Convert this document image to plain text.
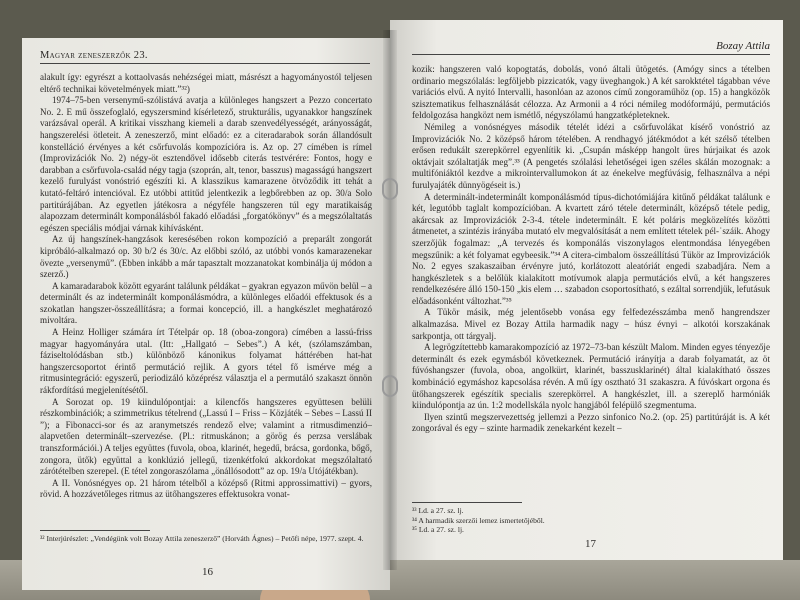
Magyar zeneszerzők 23.

alakult így: egyrészt a kottaolvasás nehézségei miatt, másrészt a hagyományostól teljesen eltérő technikai követelmények miatt.”³²)

1974–75-ben versenymű-szólistává avatja a különleges hangszert a Pezzo concertato No. 2. E mű összefoglaló, egyszersmind kísérletező, strukturális, ugyanakkor hangszínek varázsával operál. A kritikai visszhang kiemeli a darab szenvedélyességét, arányosságát, hangszerelési ötleteit. A zeneszerző, mint előadó: ez a citeradarabok során állandósult konstelláció érvényes a két csőrfuvolás kompozícióra is. Az op. 27 címében is rímel (Improvizációk No. 2) négy-öt esztendővel idősebb citerás testvérére: Fontos, hogy e darabban a csőrfuvola-család négy tagja (szoprán, alt, tenor, basszus) magasságú hangszert kezelő furulyást vonóstrió egészíti ki. A klasszikus kamarazene ötvöződik itt tehát a kutató-feltáró intencióval. Ez utóbbi attitűd jelentkezik a legbőrebben az op. 30/a Solo partitúrájában. Az egyetlen játékosra a négyféle hangszeren túl egy maratikaiság alapozzam determinált komponálásból fakadó előadási „forgatókönyv” és a megszólaltatás egészen speciális módjai várnak kihívásként.

Az új hangszínek-hangzások keresésében rokon kompozíció a preparált zongorát kipróbáló-alkalmazó op. 30 b/2 és 30/c. Az előbbi szóló, az utóbbi vonós kamarazenekar övezte „versenymű”. (Ebben inkább a már tapasztalt mozzanatokat kombinálja új módon a szerző.)

A kamaradarabok között egyaránt találunk példákat – gyakran egyazon művön belül – a determinált és az indeterminált komponálásmódra, a különleges előadói effektusok és a szokatlan hangszer-összeállításra; a formai koncepció, ill. a hangkészlet meghatározó mivoltára.

A Heinz Holliger számára írt Tételpár op. 18 (oboa-zongora) címében a lassú-friss magyar hagyományára utal. (Itt: „Hallgató – Sebes”.) A két, (szólamszámban, fáziseltolódásban stb.) különböző kánonikus folyamat háttérében hat-hat hangszercsoportot érintő permutáció rejlik. A gyors tétel fő ismérve még a ritmusintegráció: egyszerű, periodizáló középrész választja el a permutáló szakaszt önnön rákfordítású megjelenítésétől.

A Sorozat op. 19 kiindulópontjai: a kilencfős hangszeres együttesen belüli részkombinációk; a szimmetrikus tételrend („Lassú I – Friss – Közjáték – Sebes – Lassú II ”); a Fibonacci-sor és az aranymetszés rendező elve; valamint a ritmusdimenzió–alapvetően determinált–szervezése. (Pl.: ritmuskánon; a görög és perzsa verslábak transzformációi.) A teljes együttes (fuvola, oboa, klarinét, hegedű, brácsa, gordonka, bőgő, zongora, ütők) együttal a konklúzió jellegű, tizenkétfokú akkordokat megszólaltató zárótételben szerepel. (E tétel zongoraszólama „önállósodott” az op. 19/a Utójátékban).

A II. Vonósnégyes op. 21 három tételből a középső (Ritmi approssimattivi) – gyors, rövid. A hozzávetőleges ritmus az ütőhangszeres effektusokra vonat-

³² Interjúrészlet: „Vendégünk volt Bozay Attila zeneszerző” (Horváth Ágnes) – Petőfi népe, 1977. szept. 4.
16
Bozay Attila

kozik: hangszeren való kopogtatás, dobolás, vonó általi ütögetés. (Amógy sincs a tételben ordinario megszólalás: legföljebb pizzicatók, vagy üveghangok.) A két sarokktétel tágabban véve variációs elvű. A nyitó Intervalli, hasonlóan az azonos című zongoraműhöz (op. 15) a hangközök szisztematikus felhasználását célozza. Az Armonii a 4 róci némileg modóformájú, permutációs feldolgozása hangközt nem ismétlő, négyszólamú hangzatképleteknek.

Némileg a vonósnégyes második tételét idézi a csőrfuvolákat kísérő vonóstrió az Improvizációk No. 2 középső három tételében. A rendhagyó játékmódot a két szélső tételben erősen redukált szerepkörrel egyenlítik ki. „Csupán másképp hangolt üres húrjaikat és azok oktávjait szólaltatják meg”.³³ (A pengetés szólalási lehetőségei igen széles skálán mozognak: a multifóniáktól kezdve a mikrointervallumokon át az énekelve megfúvásig, felhasználva a népi furulyajáték dünnyögéseit is.)

A determinált-indeterminált komponálásmód típus-dichotómiájára kitűnő példákat találunk e két, legutóbb taglalt kompozícióban. A kvartett záró tétele determinált, középső tétele pedig, akárcsak az Improvizációk 2-3-4. tétele indeterminált. E két poláris megközelítés közötti átmenetet, a szintézis irányába mutató elv megvalósítását a nem említett tételek pél-˙száik. Ahogy szerzőjük fogalmaz: „A tervezés és komponálás viszonylagos elentmondása lényegében megszűnik: a két folyamat egybeesik.”³⁴ A citera-cimbalom összeállítású Tükör az Improvizációk No. 2 egyes szakaszaiban érvényre jutó, korlátozott aleatóriát engedi szabadjára. Nem a hangkészletek s a belőlük kialakított motívumok alapja permutációs elvű, a két hangszeres rendelkezésére álló 150-150 „kis elem … szabadon csoportosítható, s ezáltal sorrendjük, lefutásuk előadásonként változhat.”³⁵

A Tükör másik, még jelentősebb vonása egy felfedezésszámba menő hangrendszer alkalmazása. Mivel ez Bozay Attila harmadik nagy – húsz évnyi – alkotói korszakának sarkpontja, ott tárgyalj.

A legrögzítettebb kamarakompozíció az 1972–73-ban készült Malom. Minden egyes tényezője determinált és ezek egymásból következnek. Permutáció irányítja a darab folyamatát, az öt fúvóshangszer (fuvola, oboa, angolkürt, klarinét, basszusklarinét) által kialakítható összes kombináció egymáshoz kapcsolása révén. A mű így osztható 31 szakaszra. A fúvóskart orgona és ütőhangszerek egészítik specialis szerepkörrel. A hangkészlet, ill. a szereplő harmóniák kiindulópontja az ún. 1:2 modellskála nyolc hangjából felépülő szegmentuma.

Ilyen szintű megszervezettség jellemzi a Pezzo sinfonico No.2. (op. 25) partitúráját is. A két zongorával és egy – szinte harmadik zenekarként kezelt –

³³ Ld. a 27. sz. lj.
³⁴ A harmadik szerzői lemez ismertetőjéből.
³⁵ Ld. a 27. sz. lj.
17
